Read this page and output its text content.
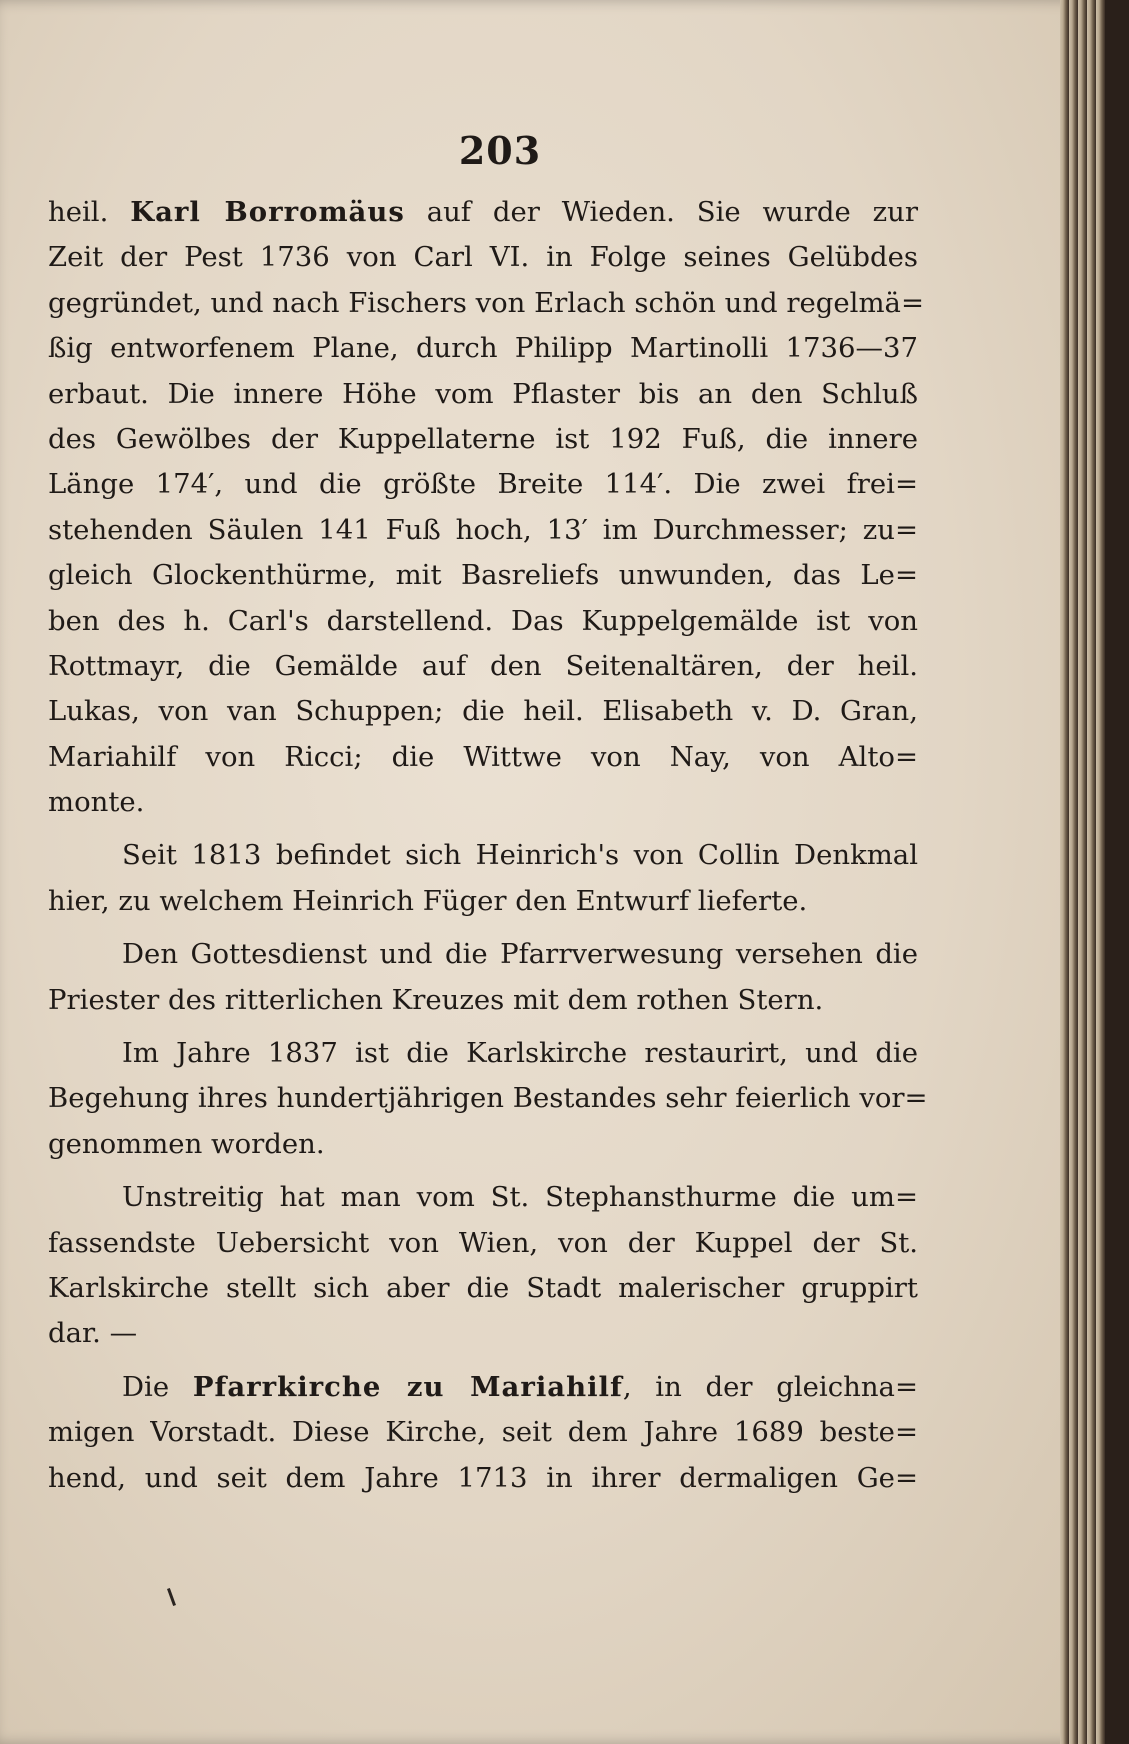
203
heil. Karl Borromäus auf der Wieden. Sie wurde zur
Zeit der Pest 1736 von Carl VI. in Folge seines Gelübdes
gegründet, und nach Fischers von Erlach schön und regelmä=
ßig entworfenem Plane, durch Philipp Martinolli 1736—37
erbaut. Die innere Höhe vom Pflaster bis an den Schluß
des Gewölbes der Kuppellaterne ist 192 Fuß, die innere
Länge 174′, und die größte Breite 114′. Die zwei frei=
stehenden Säulen 141 Fuß hoch, 13′ im Durchmesser; zu=
gleich Glockenthürme, mit Basreliefs unwunden, das Le=
ben des h. Carl's darstellend. Das Kuppelgemälde ist von
Rottmayr, die Gemälde auf den Seitenaltären, der heil.
Lukas, von van Schuppen; die heil. Elisabeth v. D. Gran,
Mariahilf von Ricci; die Wittwe von Nay, von Alto=
monte.
Seit 1813 befindet sich Heinrich's von Collin Denkmal
hier, zu welchem Heinrich Füger den Entwurf lieferte.
Den Gottesdienst und die Pfarrverwesung versehen die
Priester des ritterlichen Kreuzes mit dem rothen Stern.
Im Jahre 1837 ist die Karlskirche restaurirt, und die
Begehung ihres hundertjährigen Bestandes sehr feierlich vor=
genommen worden.
Unstreitig hat man vom St. Stephansthurme die um=
fassendste Uebersicht von Wien, von der Kuppel der St.
Karlskirche stellt sich aber die Stadt malerischer gruppirt
dar. —
Die Pfarrkirche zu Mariahilf, in der gleichna=
migen Vorstadt. Diese Kirche, seit dem Jahre 1689 beste=
hend, und seit dem Jahre 1713 in ihrer dermaligen Ge=
